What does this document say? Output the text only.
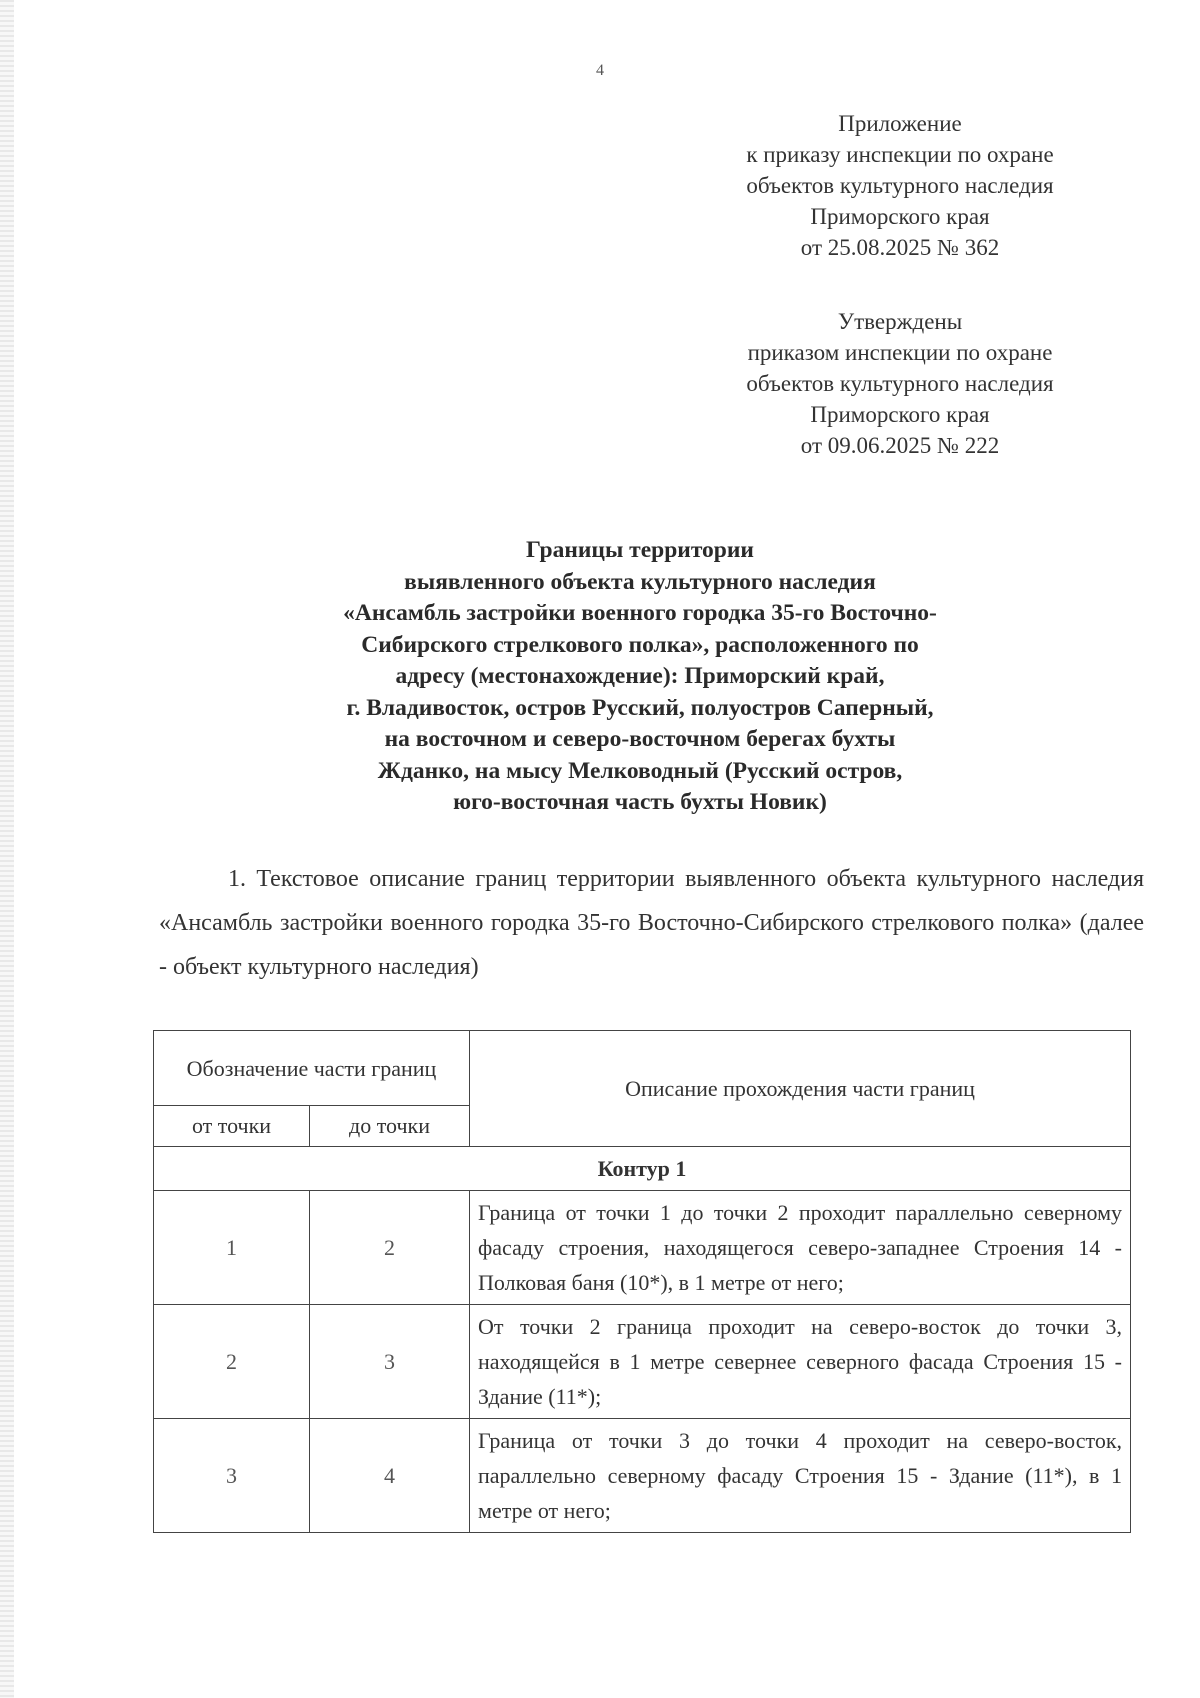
4
Приложение
к приказу инспекции по охране
объектов культурного наследия
Приморского края
от 25.08.2025 № 362
Утверждены
приказом инспекции по охране
объектов культурного наследия
Приморского края
от 09.06.2025 № 222
Границы территории
выявленного объекта культурного наследия
«Ансамбль застройки военного городка 35-го Восточно-
Сибирского стрелкового полка», расположенного по
адресу (местонахождение): Приморский край,
г. Владивосток, остров Русский, полуостров Саперный,
на восточном и северо-восточном берегах бухты
Жданко, на мысу Мелководный (Русский остров,
юго-восточная часть бухты Новик)
1. Текстовое описание границ территории выявленного объекта культурного наследия «Ансамбль застройки военного городка 35-го Восточно-Сибирского стрелкового полка» (далее - объект культурного наследия)
Обозначение части границ		Описание прохождения части границ
от точки	до точки	
Контур 1		
1	2	Граница от точки 1 до точки 2 проходит параллельно северному фасаду строения, находящегося северо-западнее Строения 14 - Полковая баня (10*), в 1 метре от него;
2	3	От точки 2 граница проходит на северо-восток до точки 3, находящейся в 1 метре севернее северного фасада Строения 15 - Здание (11*);
3	4	Граница от точки 3 до точки 4 проходит на северо-восток, параллельно северному фасаду Строения 15 - Здание (11*), в 1 метре от него;
